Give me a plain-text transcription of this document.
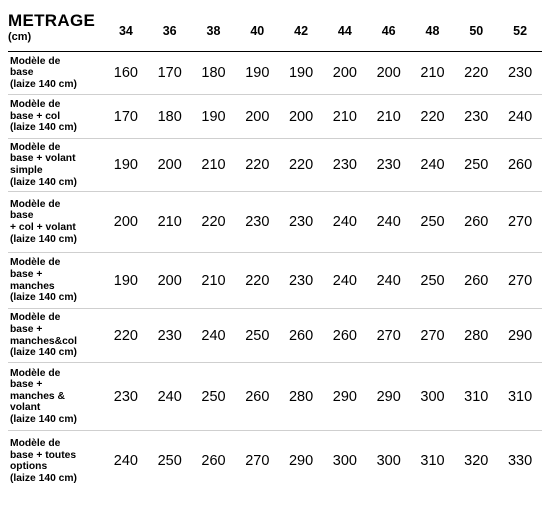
METRAGE
(cm)	34	36	38	40	42	44	46	48	50	52

Modèle de
base
(laize 140 cm)	160	170	180	190	190	200	200	210	220	230

Modèle de
base + col
(laize 140 cm)	170	180	190	200	200	210	210	220	230	240

Modèle de
base + volant
simple
(laize 140 cm)	190	200	210	220	220	230	230	240	250	260

Modèle de
base
+ col + volant
(laize 140 cm)	200	210	220	230	230	240	240	250	260	270

Modèle de
base +
manches
(laize 140 cm)	190	200	210	220	230	240	240	250	260	270

Modèle de
base +
manches&col
(laize 140 cm)	220	230	240	250	260	260	270	270	280	290

Modèle de
base +
manches &
volant
(laize 140 cm)	230	240	250	260	280	290	290	300	310	310

Modèle de
base + toutes
options
(laize 140 cm)	240	250	260	270	290	300	300	310	320	330
